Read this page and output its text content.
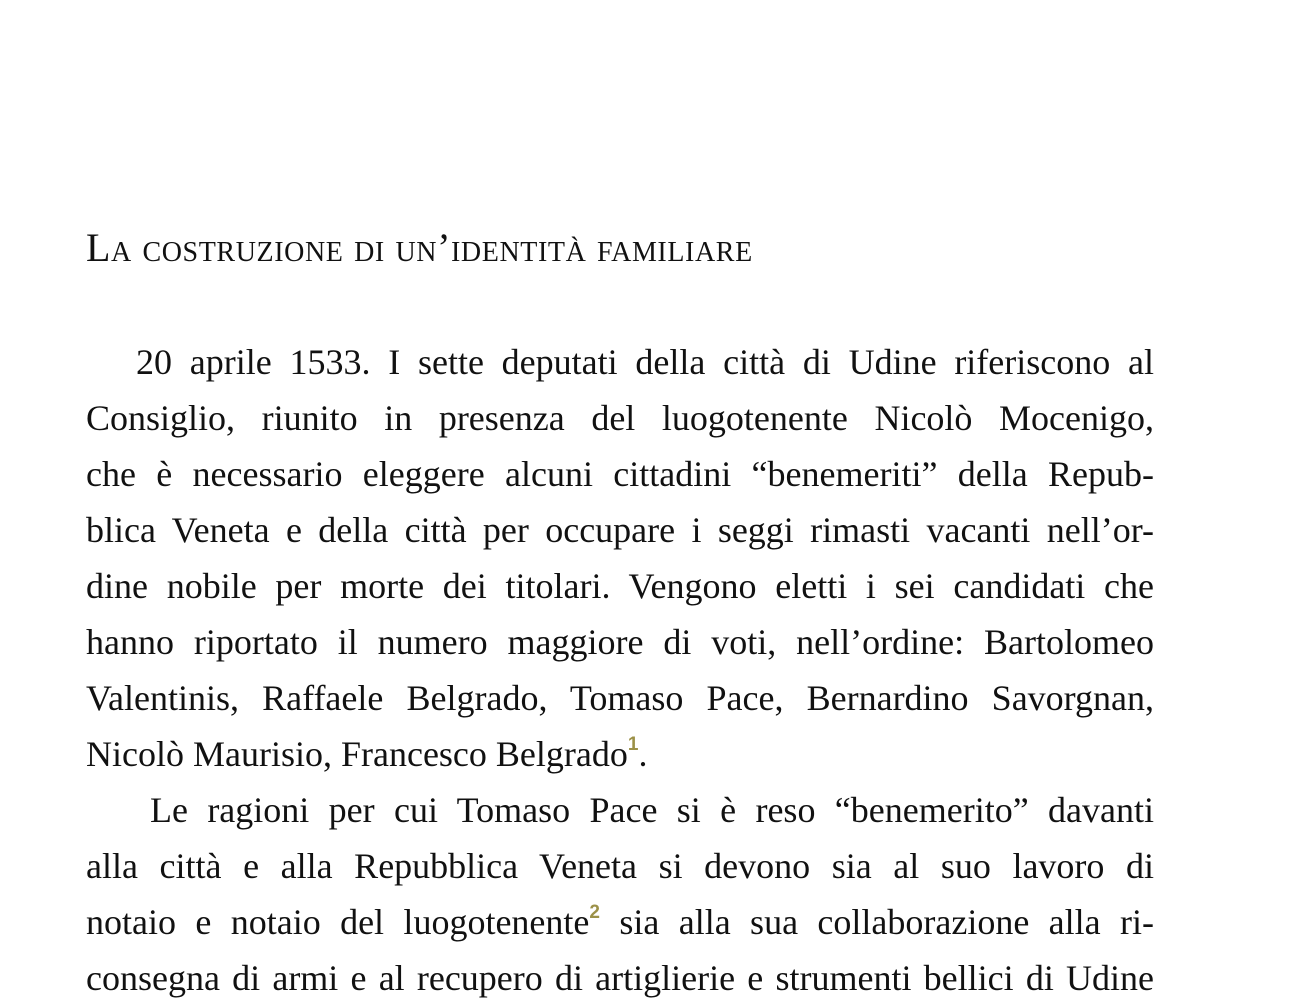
La costruzione di un’identità familiare

20 aprile 1533. I sette deputati della città di Udine riferiscono al
Consiglio, riunito in presenza del luogotenente Nicolò Mocenigo,
che è necessario eleggere alcuni cittadini “benemeriti” della Repub-
blica Veneta e della città per occupare i seggi rimasti vacanti nell’or-
dine nobile per morte dei titolari. Vengono eletti i sei candidati che
hanno riportato il numero maggiore di voti, nell’ordine: Bartolomeo
Valentinis, Raffaele Belgrado, Tomaso Pace, Bernardino Savorgnan,
Nicolò Maurisio, Francesco Belgrado$^1$.

Le ragioni per cui Tomaso Pace si è reso “benemerito” davanti
alla città e alla Repubblica Veneta si devono sia al suo lavoro di
notaio e notaio del luogotenente$^2$ sia alla sua collaborazione alla ri-
consegna di armi e al recupero di artiglierie e strumenti bellici di Udine
